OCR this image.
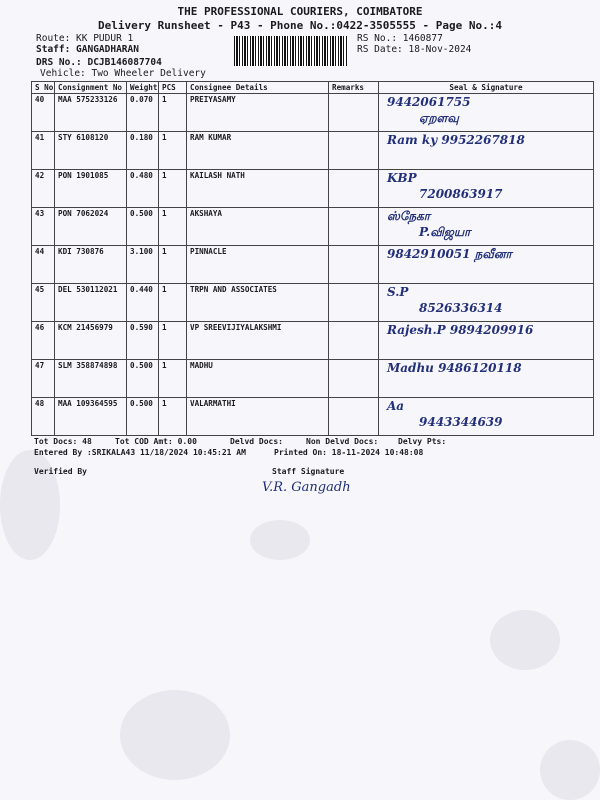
THE PROFESSIONAL COURIERS, COIMBATORE
Delivery Runsheet - P43 - Phone No.:0422-3505555 - Page No.:4
Route: KK PUDUR 1
Staff: GANGADHARAN
DRS No.: DCJB146087704
Vehicle: Two Wheeler Delivery
RS No.: 1460877
RS Date: 18-Nov-2024
S No	Consignment No	Weight	PCS	Consignee Details	Remarks	Seal & Signature
40	MAA 575233126	0.070	1	PREIYASAMY		9442061755
ஏறளவு

41	STY 6108120	0.180	1	RAM KUMAR		Ram ky 9952267818

42	PON 1901085	0.480	1	KAILASH NATH		KBP
7200863917

43	PON 7062024	0.500	1	AKSHAYA		ஸ்நேகா
P.விஜயா

44	KDI 730876	3.100	1	PINNACLE		9842910051 நவீனா

45	DEL 530112021	0.440	1	TRPN AND ASSOCIATES		S.P
8526336314

46	KCM 21456979	0.590	1	VP SREEVIJIYALAKSHMI		Rajesh.P 9894209916

47	SLM 358874898	0.500	1	MADHU		Madhu 9486120118

48	MAA 109364595	0.500	1	VALARMATHI		Aa
9443344639
Tot Docs: 48	Tot COD Amt: 0.00	Delvd Docs:	Non Delvd Docs: Delvy Pts:
Entered By :SRIKALA43 11/18/2024 10:45:21 AM	Printed On: 18-11-2024 10:48:08
Verified By	Staff Signature
V.R. Gangadh
